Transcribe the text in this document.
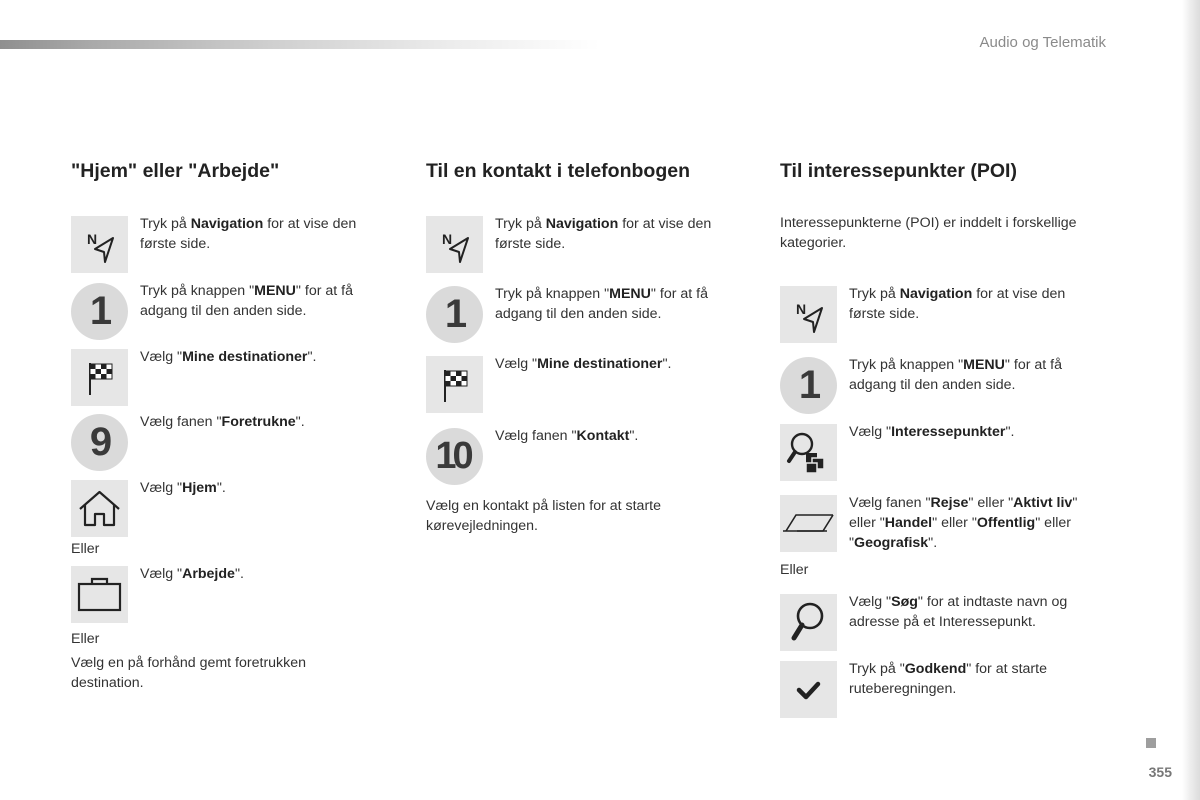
Audio og Telematik
355
"Hjem" eller "Arbejde"
N
Tryk på Navigation for at vise den første side.
1	Tryk på knappen "MENU" for at få adgang til den anden side.
Vælg "Mine destinationer".
9	Vælg fanen "Foretrukne".
Vælg "Hjem".
Eller
Vælg "Arbejde".
Eller
Vælg en på forhånd gemt foretrukken destination.
Til en kontakt i telefonbogen
N
Tryk på Navigation for at vise den første side.
1	Tryk på knappen "MENU" for at få adgang til den anden side.
Vælg "Mine destinationer".
10	Vælg fanen "Kontakt".
Vælg en kontakt på listen for at starte kørevejledningen.
Til interessepunkter (POI)
Interessepunkterne (POI) er inddelt i forskellige kategorier.
N
Tryk på Navigation for at vise den første side.
1	Tryk på knappen "MENU" for at få adgang til den anden side.
Vælg "Interessepunkter".
Vælg fanen "Rejse" eller "Aktivt liv" eller "Handel" eller "Offentlig" eller "Geografisk".
Eller
Vælg "Søg" for at indtaste navn og adresse på et Interessepunkt.
Tryk på "Godkend" for at starte ruteberegningen.
